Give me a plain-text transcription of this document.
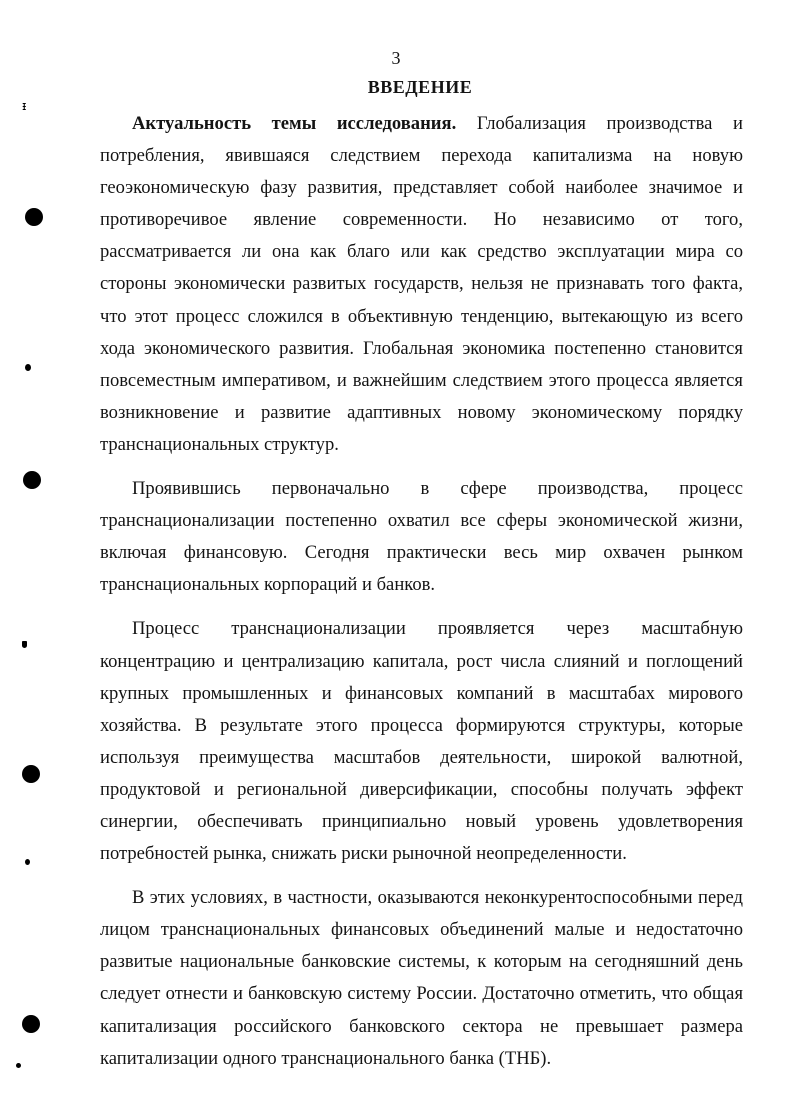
3
ВВЕДЕНИЕ

Актуальность темы исследования. Глобализация производства и потребления, явившаяся следствием перехода капитализма на новую геоэкономическую фазу развития, представляет собой наиболее значимое и противоречивое явление современности. Но независимо от того, рассматривается ли она как благо или как средство эксплуатации мира со стороны экономически развитых государств, нельзя не признавать того факта, что этот процесс сложился в объективную тенденцию, вытекающую из всего хода экономического развития. Глобальная экономика постепенно становится повсеместным императивом, и важнейшим следствием этого процесса является возникновение и развитие адаптивных новому экономическому порядку транснациональных структур.

Проявившись первоначально в сфере производства, процесс транснационализации постепенно охватил все сферы экономической жизни, включая финансовую. Сегодня практически весь мир охвачен рынком транснациональных корпораций и банков.

Процесс транснационализации проявляется через масштабную концентрацию и централизацию капитала, рост числа слияний и поглощений крупных промышленных и финансовых компаний в масштабах мирового хозяйства. В результате этого процесса формируются структуры, которые используя преимущества масштабов деятельности, широкой валютной, продуктовой и региональной диверсификации, способны получать эффект синергии, обеспечивать принципиально новый уровень удовлетворения потребностей рынка, снижать риски рыночной неопределенности.

В этих условиях, в частности, оказываются неконкурентоспособными перед лицом транснациональных финансовых объединений малые и недостаточно развитые национальные банковские системы, к которым на сегодняшний день следует отнести и банковскую систему России. Достаточно отметить, что общая капитализация российского банковского сектора не превышает размера капитализации одного транснационального банка (ТНБ).

ᵻ
